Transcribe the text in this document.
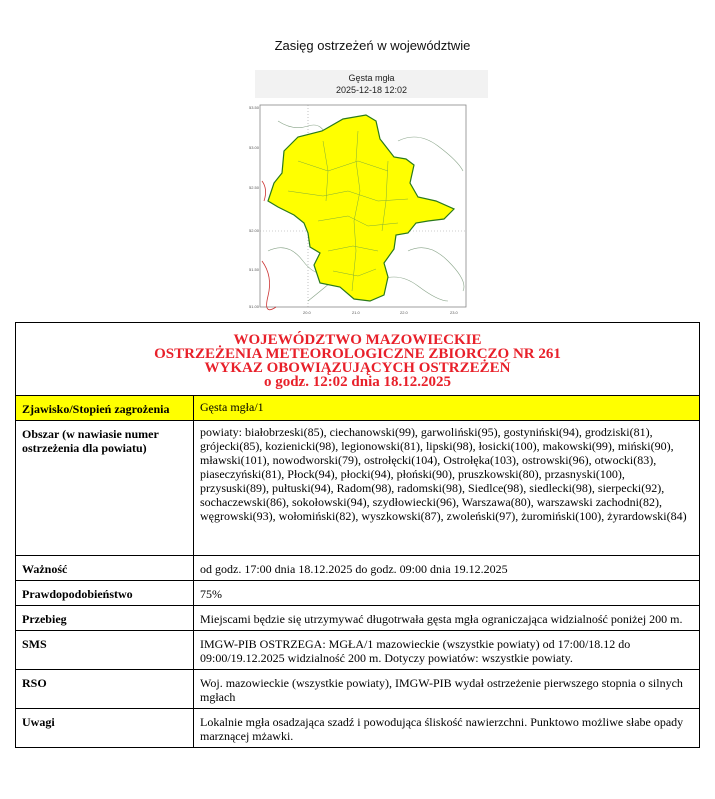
Zasięg ostrzeżeń w województwie
Gęsta mgła
2025-12-18 12:02
53.50
53.00
52.50
52.00
51.50
51.00
20.0	21.0	22.0	23.0
WOJEWÓDZTWO MAZOWIECKIE
OSTRZEŻENIA METEOROLOGICZNE ZBIORCZO NR 261
WYKAZ OBOWIĄZUJĄCYCH OSTRZEŻEŃ
o godz. 12:02 dnia 18.12.2025	

Zjawisko/Stopień zagrożenia	Gęsta mgła/1
Obszar (w nawiasie numer ostrzeżenia dla powiatu)	powiaty: białobrzeski(85), ciechanowski(99), garwoliński(95), gostyniński(94), grodziski(81), grójecki(85), kozienicki(98), legionowski(81), lipski(98), łosicki(100), makowski(99), miński(90), mławski(101), nowodworski(79), ostrołęcki(104), Ostrołęka(103), ostrowski(96), otwocki(83), piaseczyński(81), Płock(94), płocki(94), płoński(90), pruszkowski(80), przasnyski(100), przysuski(89), pułtuski(94), Radom(98), radomski(98), Siedlce(98), siedlecki(98), sierpecki(92), sochaczewski(86), sokołowski(94), szydłowiecki(96), Warszawa(80), warszawski zachodni(82), węgrowski(93), wołomiński(82), wyszkowski(87), zwoleński(97), żuromiński(100), żyrardowski(84)
Ważność	od godz. 17:00 dnia 18.12.2025 do godz. 09:00 dnia 19.12.2025
Prawdopodobieństwo	75%
Przebieg	Miejscami będzie się utrzymywać długotrwała gęsta mgła ograniczająca widzialność poniżej 200 m.
SMS	IMGW-PIB OSTRZEGA: MGŁA/1 mazowieckie (wszystkie powiaty) od 17:00/18.12 do 09:00/19.12.2025 widzialność 200 m. Dotyczy powiatów: wszystkie powiaty.
RSO	Woj. mazowieckie (wszystkie powiaty), IMGW-PIB wydał ostrzeżenie pierwszego stopnia o silnych mgłach
Uwagi	Lokalnie mgła osadzająca szadź i powodująca śliskość nawierzchni. Punktowo możliwe słabe opady marznącej mżawki.
